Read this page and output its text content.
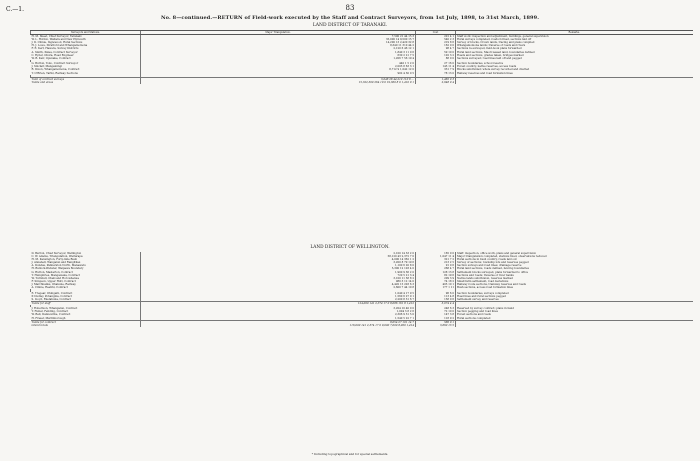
C.—1.	83
No. 8—continued.—RETURN of Field-work executed by the Staff and Contract Surveyors, from 1st July, 1898, to 31st March, 1899.
LAND DISTRICT OF TARANAKI.
Surveyors and Stations.	Major Triangulation.	Cost	Remarks.
H. M. Skeet, Chief Surveyor, Taranaki	7,500 21 44 15 3	201 4 1	Staff work: inspection and adjustment, buildings, general supervision
W. L. Hutton, Waitara and New Plymouth	35,000 14 9,500 15 7	540 2 3	Rural surveys completed, roads formed, sections laid off
J. D. Climie, Inglewood, Rural Sections	14,200 13 2,420 32 8	219 8 6	Survey of blocks, Crown lands, tracing and plans compiled
H. J. Lowe, Stratford and Whangamomona	8,340 11 310 44 2	162 0 0	Whangamomona lands; traverse of roads and rivers
F. E. Kerr, Hawera, Survey Districts	2,120 6 46 12 1	98 4 7	Sections re-surveyed, field-book plans forwarded
A. Smith, Patea, Contract Surveyor	1,840 3 11 0 6	59 10 0	Rural land sections, Maori leased land, boundaries defined
C. Ryder, Ohura, Road Engineer	630 2 21 7 5	102 3 2	Roads and sections, grades taken, bridges marked
W. B. Keir, Opunake, Contract	1,206 7 56 19 4	88 0 0	Sections surveyed; road lines laid off and pegged

G. Burton, Toko, Contract Surveyor	440 1 5 2 0	27 16 0	Section boundaries, school reserve
J. Sinclair, Mangamingi	2,003 8 63 3 1	145 11 4	Forest country, native reserves, access roads
R. Dixon, Whangamomona, Contract	8,712 9 1,042 12 0	331 7 9	Blocks subdivided; whole survey recorded and charted
T. O'Brien, Tariki, Railway Sections	902 4 30 0 5	78 13 0	Railway reserves and road formation lines

Total of contract surveys	3,048 28 44,210 110 8 ...	1,482 0 3	
Totals and areas	15,322,500 264 19 0 19,360 8 0 1,410 9 1	2,948 0 4	
LAND DISTRICT OF WELLINGTON.
D. Barron, Chief Surveyor, Wellington	2,100 14 33 2 0	165 0 0	Staff: inspection, office work, plans and general supervision
C. W. Adams, Triangulation, Wairarapa	58,120 43 2,372 7 0	1,047 11 4	Major triangulation completed, stations fixed, observations reduced
H. M. Kensington, Forty-mile Bush	4,000 14 362 1 2	321 7 2	Rural sections in bush country, roads laid out
J. Annabell, Wanganui and Rangitikei	3,200 8 79 19 6	213 2 5	Survey of sections; township lots and reserves pegged
A. Dundas, Palmerston North, Manawatu	1,100 6 20 8 0	91 0 6	Section surveys and road lines; drainage reserve
H. Bullock-Webster, Waipawa Boundary	5,300 12 103 4 0	268 4 7	Rural land sections, roads defined, fencing boundaries
G. Hutton, Masterton, Contract	1,900 9 36 2 0	128 13 8	Settlement blocks surveyed, plans forwarded to office
T. Humphries, Mangaweka, Contract	720 5 21 3 4	82 19 6	Sections and roads; traverse of river banks
W. Turnbull, Otaki and Horowhenua	3,100 11 58 8 2	209 3 9	Native lands subdivision, reserves marked
F. Simpson, Upper Hutt, Contract	980 3 12 14 0	74 18 2	Small farm settlement, road deviations
J. Marchbanks, Ohakune, Railway	4,420 15 203 6 3	405 10 1	Railway route sections, tramway reserves and roads
A. Climie, Raetihi, Contract	2,600 7 44 10 8	177 1 11	Bush sections, access road formation lines

E. Tregear, Ohingaiti, Contract	1,040 4 17 9 5	96 6 0	Section boundaries, surveys completed
P. Dudley, Pohangina, Contract	1,560 6 27 0 1	113 4 8	Road lines and rural sections pegged
S. Lloyd, Eketahuna, Contract	2,200 8 31 6 7	158 0 6	Settlement survey and reserves
Totals for staff	124,000 141 2,374 17 0 8,086 161 8 1,412	3,074 4 4	

J. Robertson, Whanganui, Contract	3,204 10 40 0 0	248 6 3	Reserved by survey contract; plans in hand
T. Fisher, Feilding, Contract	1,004 3 8 2 6	72 10 0	Section pegging and road lines
W. Bell, Dannevirke, Contract	2,306 9 31 5 0	147 3 8	Forest sections and roads
H. Fraser, Martinborough	1,540 5 22 7 1	118 9 2	Rural sections completed
Totals for contract	8,054 27 101 14 7	586 9 1	
Grand totals	116,000 141 2,374 17 0 9,000 7,000 8,000 1,414	3,660 13 5	
* Including topographical and for special settlements.
